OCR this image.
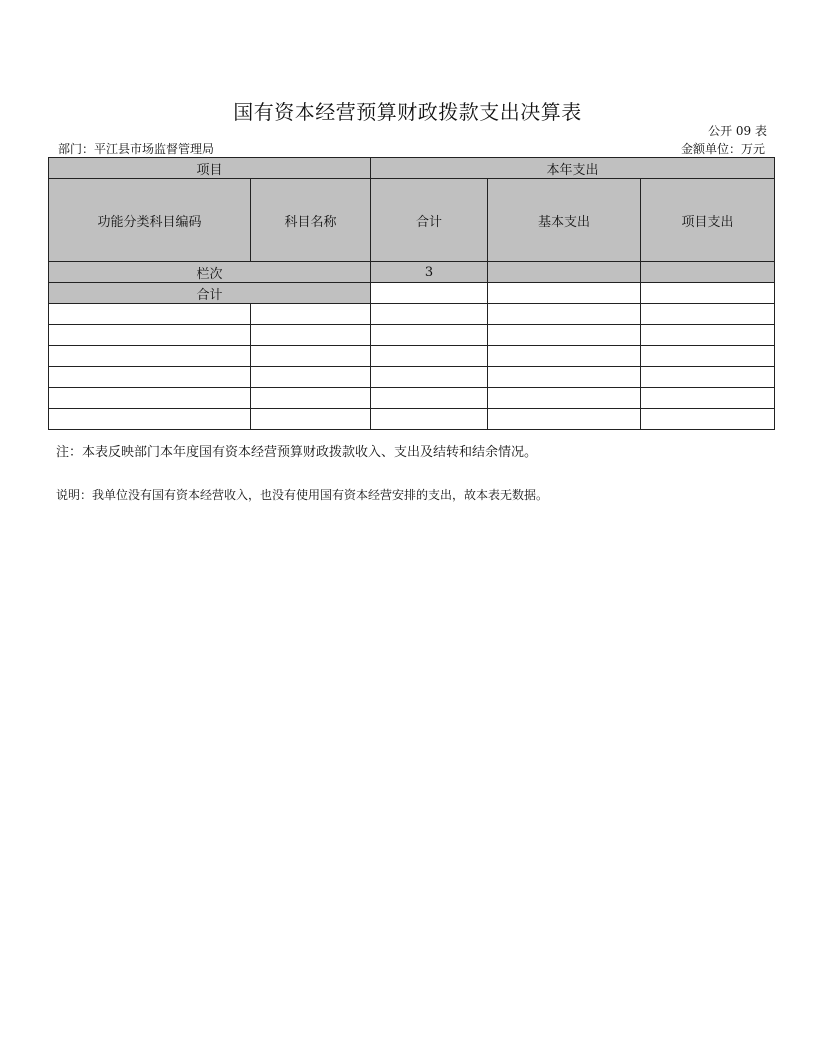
国有资本经营预算财政拨款支出决算表
公开 09 表
部门：平江县市场监督管理局	金额单位：万元
项目		本年支出		
功能分类科目编码	科目名称	合计	基本支出	项目支出
栏次		3		
合计				

注：本表反映部门本年度国有资本经营预算财政拨款收入、支出及结转和结余情况。
说明：我单位没有国有资本经营收入，也没有使用国有资本经营安排的支出，故本表无数据。
